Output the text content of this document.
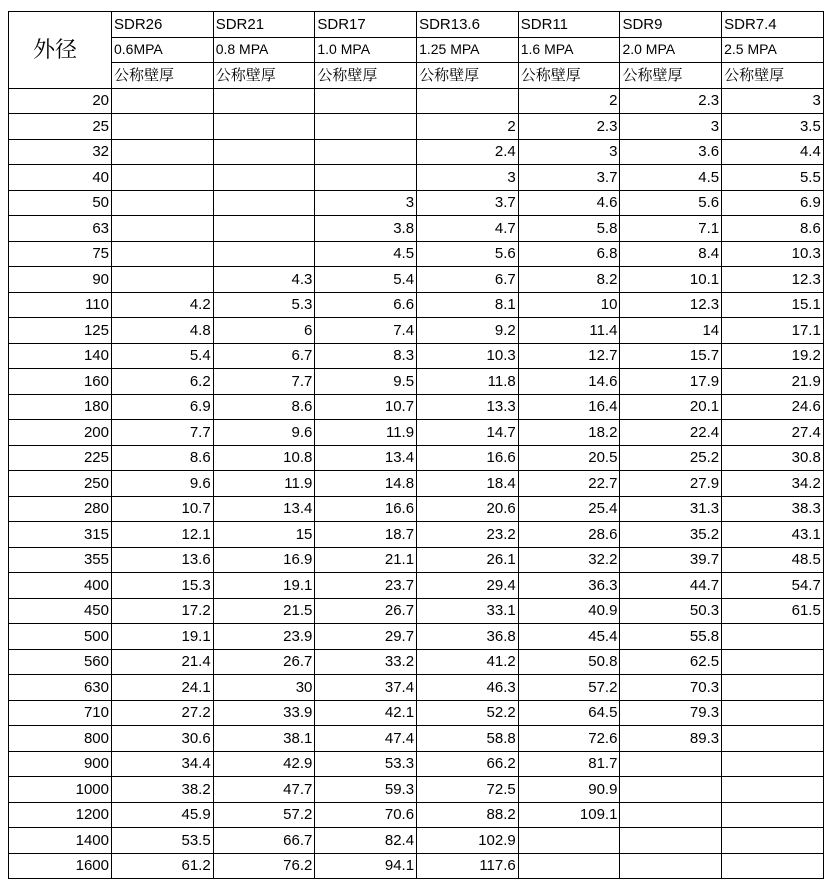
外径	SDR26	SDR21	SDR17	SDR13.6	SDR11	SDR9	SDR7.4
	0.6MPA	0.8 MPA	1.0 MPA	1.25 MPA	1.6 MPA	2.0 MPA	2.5 MPA
	公称壁厚	公称壁厚	公称壁厚	公称壁厚	公称壁厚	公称壁厚	公称壁厚
20					2	2.3	3
25				2	2.3	3	3.5
32				2.4	3	3.6	4.4
40				3	3.7	4.5	5.5
50			3	3.7	4.6	5.6	6.9
63			3.8	4.7	5.8	7.1	8.6
75			4.5	5.6	6.8	8.4	10.3
90		4.3	5.4	6.7	8.2	10.1	12.3
110	4.2	5.3	6.6	8.1	10	12.3	15.1
125	4.8	6	7.4	9.2	11.4	14	17.1
140	5.4	6.7	8.3	10.3	12.7	15.7	19.2
160	6.2	7.7	9.5	11.8	14.6	17.9	21.9
180	6.9	8.6	10.7	13.3	16.4	20.1	24.6
200	7.7	9.6	11.9	14.7	18.2	22.4	27.4
225	8.6	10.8	13.4	16.6	20.5	25.2	30.8
250	9.6	11.9	14.8	18.4	22.7	27.9	34.2
280	10.7	13.4	16.6	20.6	25.4	31.3	38.3
315	12.1	15	18.7	23.2	28.6	35.2	43.1
355	13.6	16.9	21.1	26.1	32.2	39.7	48.5
400	15.3	19.1	23.7	29.4	36.3	44.7	54.7
450	17.2	21.5	26.7	33.1	40.9	50.3	61.5
500	19.1	23.9	29.7	36.8	45.4	55.8	
560	21.4	26.7	33.2	41.2	50.8	62.5	
630	24.1	30	37.4	46.3	57.2	70.3	
710	27.2	33.9	42.1	52.2	64.5	79.3	
800	30.6	38.1	47.4	58.8	72.6	89.3	
900	34.4	42.9	53.3	66.2	81.7		
1000	38.2	47.7	59.3	72.5	90.9		
1200	45.9	57.2	70.6	88.2	109.1		
1400	53.5	66.7	82.4	102.9			
1600	61.2	76.2	94.1	117.6			
